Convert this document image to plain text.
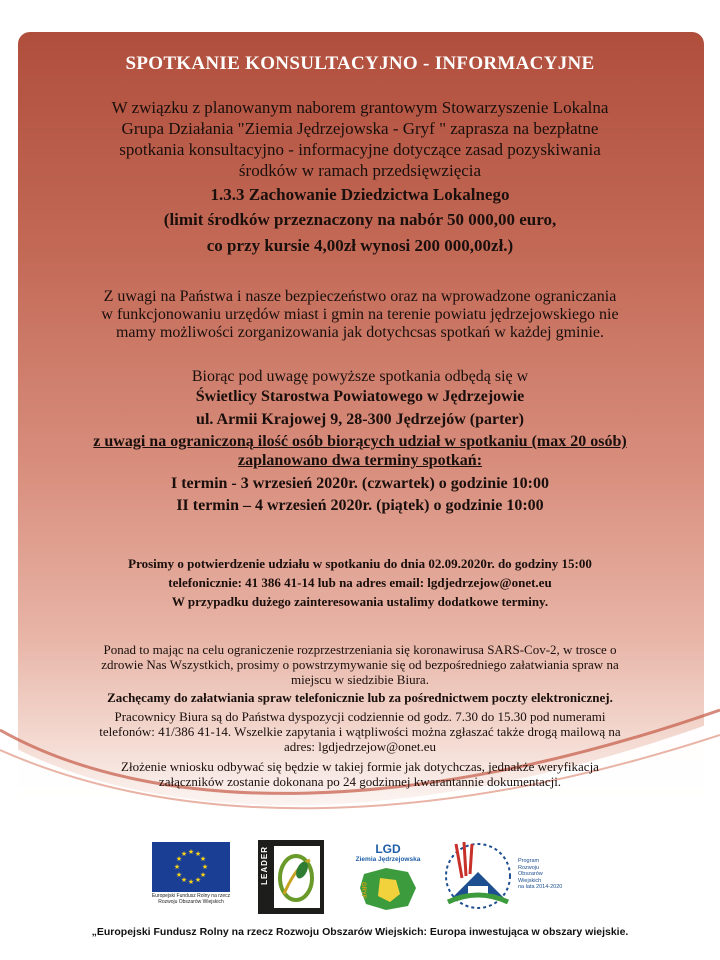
SPOTKANIE KONSULTACYJNO - INFORMACYJNE
W związku z planowanym naborem grantowym Stowarzyszenie Lokalna
Grupa Działania "Ziemia Jędrzejowska - Gryf " zaprasza na bezpłatne
spotkania konsultacyjno - informacyjne dotyczące zasad pozyskiwania
środków w ramach przedsięwzięcia
1.3.3 Zachowanie Dziedzictwa Lokalnego
(limit środków przeznaczony na nabór 50 000,00 euro,
co przy kursie 4,00zł wynosi 200 000,00zł.)
Z uwagi na Państwa i nasze bezpieczeństwo oraz na wprowadzone ograniczania
w funkcjonowaniu urzędów miast i gmin na terenie powiatu jędrzejowskiego nie
mamy możliwości zorganizowania jak dotychcsas spotkań w każdej gminie.
Biorąc pod uwagę powyższe spotkania odbędą się w
Świetlicy Starostwa Powiatowego w Jędrzejowie
ul. Armii Krajowej 9, 28-300 Jędrzejów (parter)
z uwagi na ograniczoną ilość osób biorących udział w spotkaniu (max 20 osób)
zaplanowano dwa terminy spotkań:
I termin - 3 wrzesień 2020r. (czwartek) o godzinie 10:00
II termin – 4 wrzesień 2020r. (piątek) o godzinie 10:00
Prosimy o potwierdzenie udziału w spotkaniu do dnia 02.09.2020r. do godziny 15:00
telefonicznie: 41 386 41-14 lub na adres email: lgdjedrzejow@onet.eu
W przypadku dużego zainteresowania ustalimy dodatkowe terminy.
Ponad to mając na celu ograniczenie rozprzestrzeniania się koronawirusa SARS-Cov-2, w trosce o
zdrowie Nas Wszystkich, prosimy o powstrzymywanie się od bezpośredniego załatwiania spraw na
miejscu w siedzibie Biura.
Zachęcamy do załatwiania spraw telefonicznie lub za pośrednictwem poczty elektronicznej.
Pracownicy Biura są do Państwa dyspozycji codziennie od godz. 7.30 do 15.30 pod numerami
telefonów: 41/386 41-14. Wszelkie zapytania i wątpliwości można zgłaszać także drogą mailową na
adres: lgdjedrzejow@onet.eu
Złożenie wniosku odbywać się będzie w takiej formie jak dotychczas, jednakże weryfikacja
załączników zostanie dokonana po 24 godzinnej kwarantannie dokumentacji.
★ ★
★
★
★
★
★
★
★
★
★
★
Europejski Fundusz Rolny na rzecz
Rozwoju Obszarów Wiejskich
LEADER	LGD
Ziemia Jędrzejowska
GRYF
Program
Rozwoju
Obszarów
Wiejskich
na lata 2014-2020
„Europejski Fundusz Rolny na rzecz Rozwoju Obszarów Wiejskich: Europa inwestująca w obszary wiejskie.
